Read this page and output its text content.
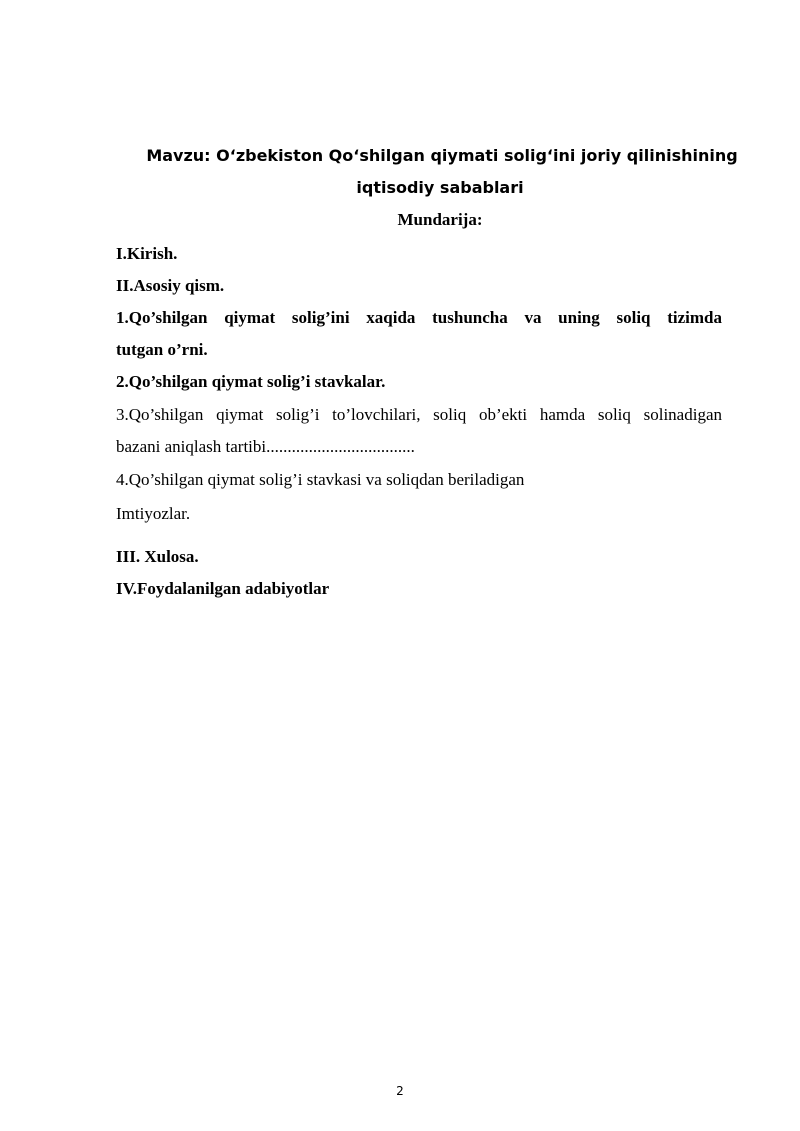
Mavzu: O‘zbekiston Qo‘shilgan qiymati solig‘ini joriy qilinishining
iqtisodiy sabablari
Mundarija:
I.Kirish.
II.Asosiy qism.
1.Qo’shilgan qiymat solig’ini xaqida tushuncha va uning soliq tizimda
tutgan o’rni.
2.Qo’shilgan qiymat solig’i stavkalar.
3.Qo’shilgan qiymat solig’i to’lovchilari, soliq ob’ekti hamda soliq solinadigan
bazani aniqlash tartibi...................................
4.Qo’shilgan qiymat solig’i stavkasi va soliqdan beriladigan
Imtiyozlar.
III. Xulosa.
IV.Foydalanilgan adabiyotlar
2
